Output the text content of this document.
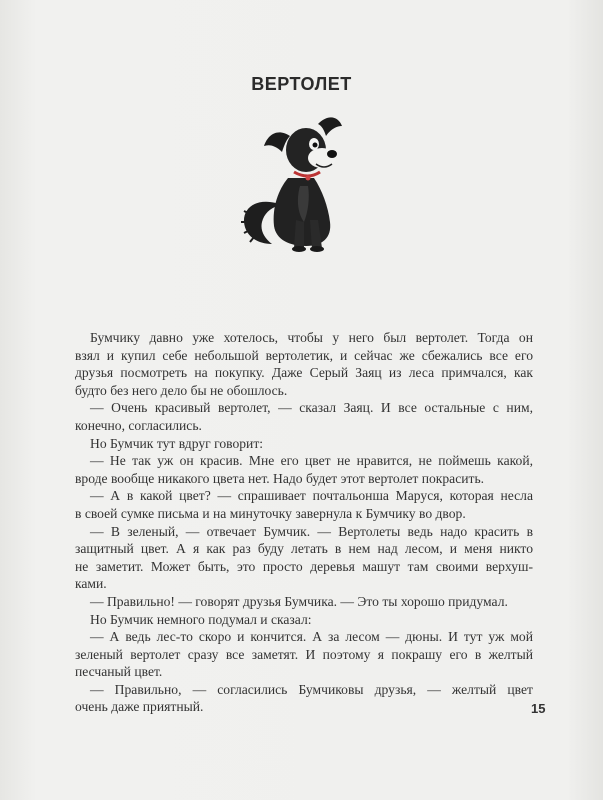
ВЕРТОЛЕТ

Бумчику давно уже хотелось, чтобы у него был вертолет. Тогда он

взял и купил себе небольшой вертолетик, и сейчас же сбежались все его

друзья посмотреть на покупку. Даже Серый Заяц из леса примчался, как

будто без него дело бы не обошлось.

— Очень красивый вертолет, — сказал Заяц. И все остальные с ним,

конечно, согласились.

Но Бумчик тут вдруг говорит:

— Не так уж он красив. Мне его цвет не нравится, не поймешь какой,

вроде вообще никакого цвета нет. Надо будет этот вертолет покрасить.

— А в какой цвет? — спрашивает почтальонша Маруся, которая несла

в своей сумке письма и на минуточку завернула к Бумчику во двор.

— В зеленый, — отвечает Бумчик. — Вертолеты ведь надо красить в

защитный цвет. А я как раз буду летать в нем над лесом, и меня никто

не заметит. Может быть, это просто деревья машут там своими верхуш-

ками.

— Правильно! — говорят друзья Бумчика. — Это ты хорошо придумал.

Но Бумчик немного подумал и сказал:

— А ведь лес-то скоро и кончится. А за лесом — дюны. И тут уж мой

зеленый вертолет сразу все заметят. И поэтому я покрашу его в желтый

песчаный цвет.

— Правильно, — согласились Бумчиковы друзья, — желтый цвет

очень даже приятный.	15
